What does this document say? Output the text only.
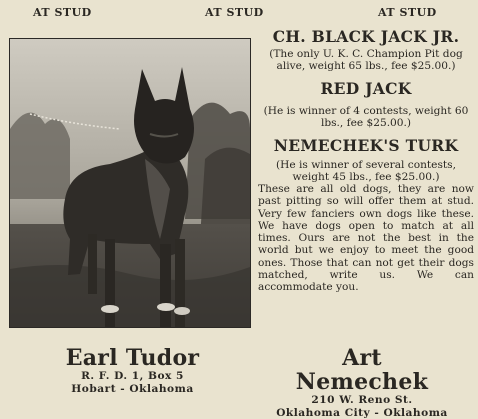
AT STUD	AT STUD	AT STUD
CH. BLACK JACK JR.

(The only U. K. C. Champion Pit dog alive, weight 65 lbs., fee $25.00.)

RED JACK

(He is winner of 4 contests, weight 60 lbs., fee $25.00.)

NEMECHEK'S TURK

(He is winner of several contests, weight 45 lbs., fee $25.00.)

These are all old dogs, they are now past pitting so will offer them at stud. Very few fanciers own dogs like these. We have dogs open to match at all times. Ours are not the best in the world but we enjoy to meet the good ones. Those that can not get their dogs matched, write us. We can accommodate you.

Earl Tudor
R. F. D. 1, Box 5
Hobart - Oklahoma
Art Nemechek
210 W. Reno St.
Oklahoma City - Oklahoma
